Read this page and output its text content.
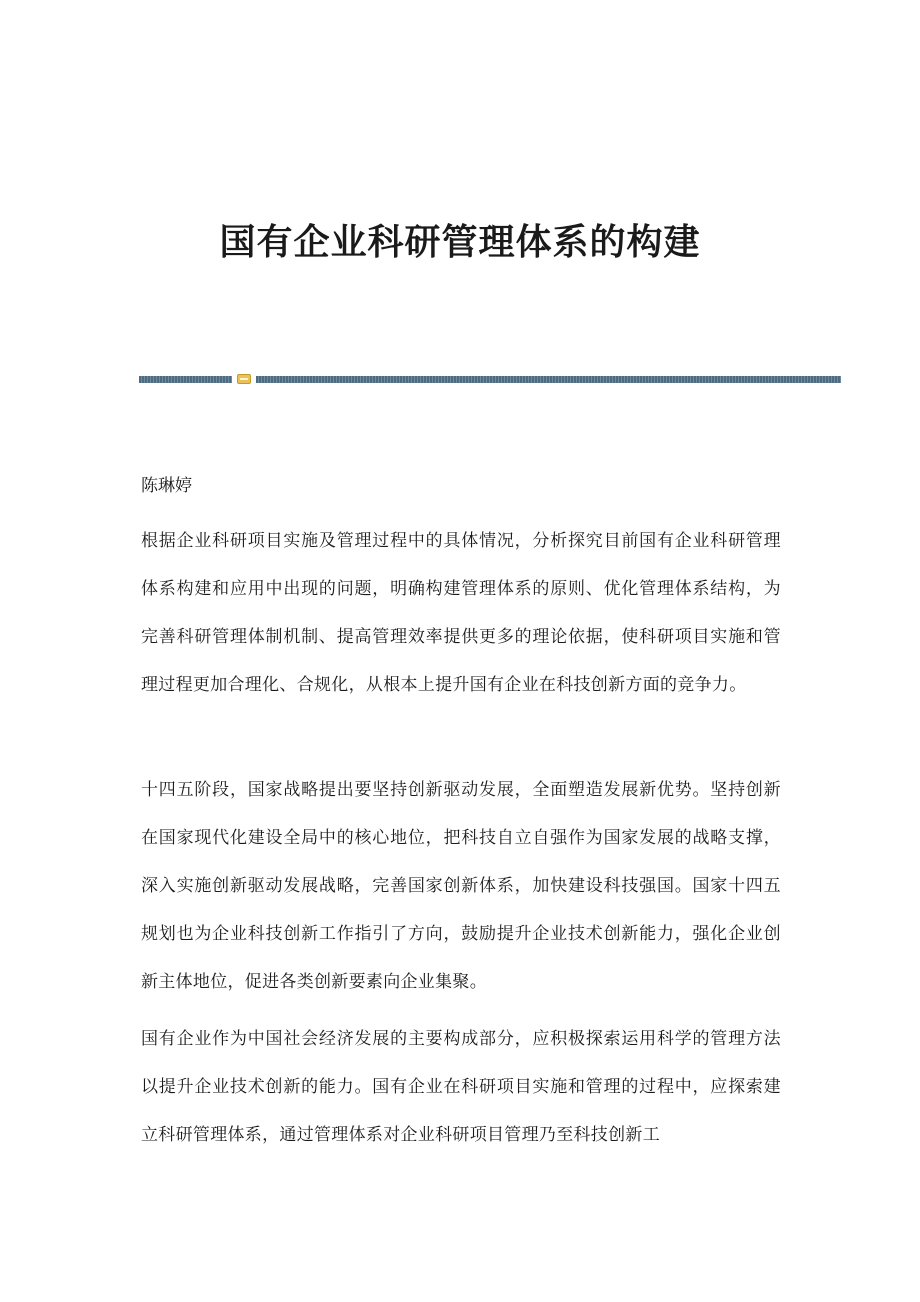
国有企业科研管理体系的构建

陈琳婷

根据企业科研项目实施及管理过程中的具体情况，分析探究目前国有企业科研管理体系构建和应用中出现的问题，明确构建管理体系的原则、优化管理体系结构，为完善科研管理体制机制、提高管理效率提供更多的理论依据，使科研项目实施和管理过程更加合理化、合规化，从根本上提升国有企业在科技创新方面的竞争力。

十四五阶段，国家战略提出要坚持创新驱动发展，全面塑造发展新优势。坚持创新在国家现代化建设全局中的核心地位，把科技自立自强作为国家发展的战略支撑，深入实施创新驱动发展战略，完善国家创新体系，加快建设科技强国。国家十四五规划也为企业科技创新工作指引了方向，鼓励提升企业技术创新能力，强化企业创新主体地位，促进各类创新要素向企业集聚。

国有企业作为中国社会经济发展的主要构成部分，应积极探索运用科学的管理方法以提升企业技术创新的能力。国有企业在科研项目实施和管理的过程中，应探索建立科研管理体系，通过管理体系对企业科研项目管理乃至科技创新工
